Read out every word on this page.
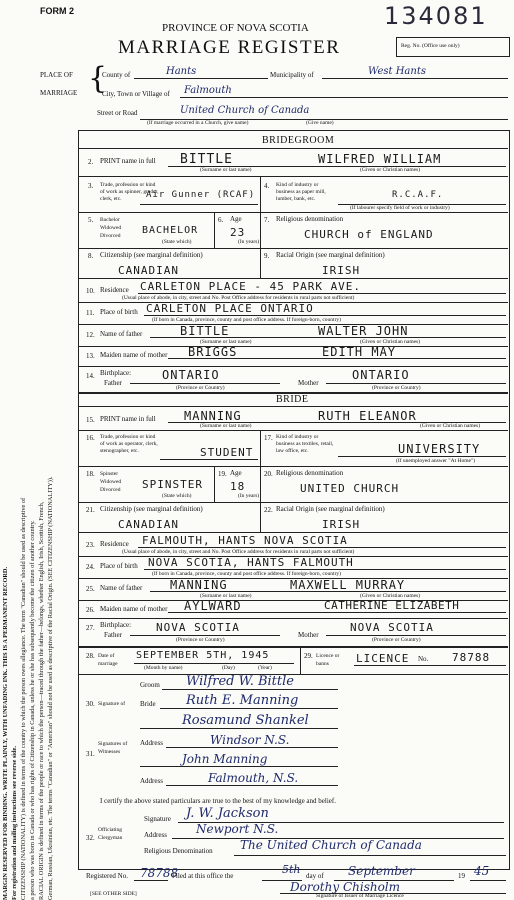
MARGIN RESERVED FOR BINDING. WRITE PLAINLY, WITH UNFADING INK. THIS IS A PERMANENT RECORD. For registration and mailing instructions see reverse side. CITIZENSHIP (NATIONALITY) is defined in terms of the country to which the person owes allegiance. The term "Canadian" should be used as descriptive of a person who was born in Canada or who has rights of Citizenship in Canada, unless he or she has subsequently become the citizen of another country. RACIAL ORIGIN is defined in terms of the people or race to which the person—traced through the father—belongs, whether English, Irish, Scottish, French, German, Russian, Ukrainian, etc. The terms "Canadian" or "American" should not be used as descriptive of the Racial Origin. (SEE CITIZENSHIP (NATIONALITY)).
FORM 2
PROVINCE OF NOVA SCOTIA
MARRIAGE REGISTER
134081
Reg. No. (Office use only)
PLACE OF
MARRIAGE {
County of	Hants	Municipality of	West Hants
City, Town or Village of Falmouth
Street or Road
(If marriage occurred in a Church, give name)
United Church of Canada
(Give name)
BRIDEGROOM
2. PRINT name in full BITTLE	WILFRED WILLIAM
(Surname or last name)	(Given or Christian names)
3. Trade, profession or kind of work as spinner, grader, clerk, etc.	Air Gunner (RCAF)
4. Kind of industry or business as paper mill, lumber, bank, etc.	R.C.A.F.
(If labourer specify field of work or industry)
5. Bachelor Widowed Divorced	BACHELOR
(State which)
6. Age
23
(In years)
7. Religious denomination
CHURCH of ENGLAND
8. Citizenship (see marginal definition)
CANADIAN
9. Racial Origin (see marginal definition)
IRISH
10. Residence CARLETON PLACE - 45 PARK AVE.
(Usual place of abode, in city, street and No. Post Office address for residents in rural parts not sufficient)
11. Place of birth CARLETON PLACE ONTARIO
(If born in Canada, province, county and post office address. If foreign-born, country)
12. Name of father	BITTLE	WALTER JOHN
(Surname or last name)	(Given or Christian names)
13. Maiden name of mother BRIGGS	EDITH MAY
14. Birthplace:
Father
ONTARIO
Mother
ONTARIO
(Province or Country)	(Province or Country)
BRIDE
15. PRINT name in full MANNING	RUTH ELEANOR
(Surname or last name)	(Given or Christian names)
16. Trade, profession or kind of work as operator, clerk, stenographer, etc.	STUDENT
17. Kind of industry or business as textiles, retail, law office, etc.	UNIVERSITY
(If unemployed answer "At Home")
18. Spinster Widowed Divorced	SPINSTER
(State which)
19. Age
18
(In years)
20. Religious denomination
UNITED CHURCH
21. Citizenship (see marginal definition)
CANADIAN
22. Racial Origin (see marginal definition)
IRISH
23. Residence FALMOUTH, HANTS NOVA SCOTIA
(Usual place of abode, in city, street and No. Post Office address for residents in rural parts not sufficient)
24. Place of birth NOVA SCOTIA, HANTS FALMOUTH
(If born in Canada, province, county and post office address. If foreign-born, country)
25. Name of father MANNING	MAXWELL MURRAY
(Surname or last name)	(Given or Christian names)
26. Maiden name of mother AYLWARD	CATHERINE ELIZABETH
27. Birthplace:
Father
NOVA SCOTIA
Mother
NOVA SCOTIA
(Province or Country)	(Province or Country)
28. Date of marriage
SEPTEMBER 5TH, 1945
(Month by name)	(Day)	(Year)
29. Licence or banns	LICENCE No. 78788
30. Signature of
Groom Wilfred W. Bittle
Bride Ruth E. Manning
31.
Signatures of Witnesses
Rosamund Shankel
Address	Windsor N.S.
John Manning
Address	Falmouth, N.S.
I certify the above stated particulars are true to the best of my knowledge and belief.
32.
Officiating Clergyman
Signature J. W. Jackson
Address Newport N.S.
Religious Denomination The United Church of Canada
Registered No. 78788
Filed at this office the	5th day of September	19 45
Dorothy Chisholm
Signature of Issuer of Marriage Licence
[SEE OTHER SIDE]
